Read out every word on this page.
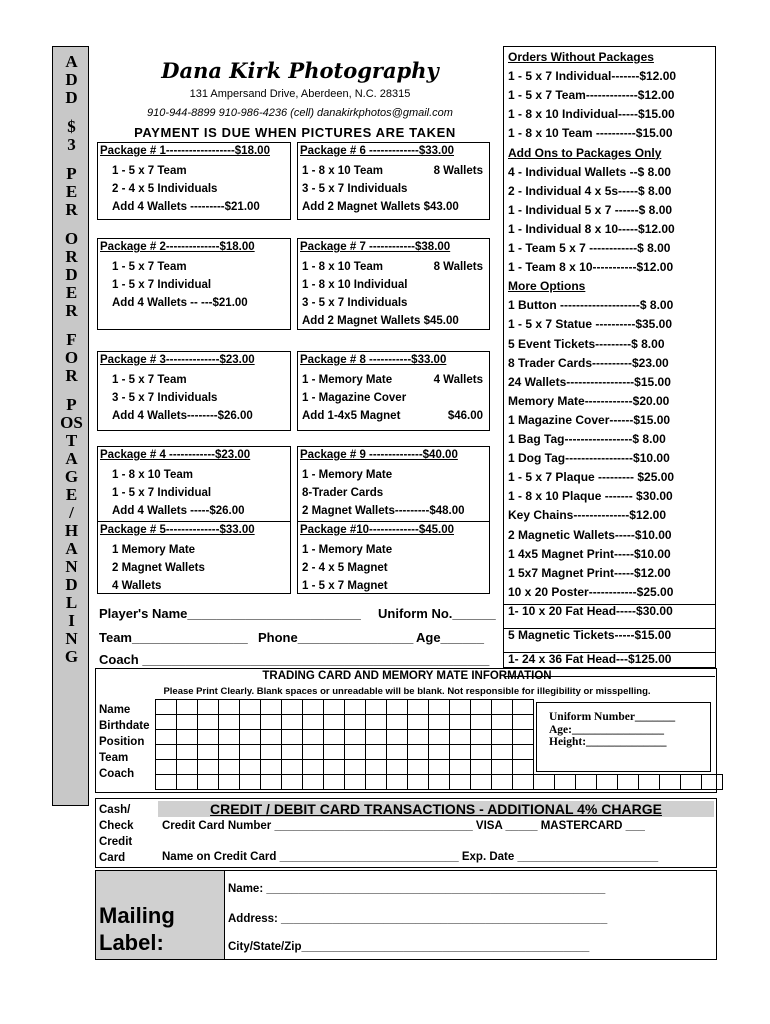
A
D
D
$
3
P
E
R
O
R
D
E
R
F
O
R
P
OS
T
A
G
E
/
H
A
N
D
L
I
N
G
Dana Kirk Photography
131 Ampersand Drive, Aberdeen, N.C. 28315
910-944-8899 910-986-4236 (cell) danakirkphotos@gmail.com
PAYMENT IS DUE WHEN PICTURES ARE TAKEN
Package # 1------------------$18.00
1 - 5 x 7 Team
2 - 4 x 5 Individuals
Add 4 Wallets ---------$21.00
Package # 6 -------------$33.00
1 - 8 x 10 Team
3 - 5 x 7 Individuals
Add 2 Magnet Wallets $43.00
8 Wallets
Package # 2--------------$18.00
1 - 5 x 7 Team
1 - 5 x 7 Individual
Add 4 Wallets -- ---$21.00
Package # 7 ------------$38.00
1 - 8 x 10 Team
1 - 8 x 10 Individual
3 - 5 x 7 Individuals
Add 2 Magnet Wallets $45.00
8 Wallets
Package # 3--------------$23.00
1 - 5 x 7 Team
3 - 5 x 7 Individuals
Add 4 Wallets--------$26.00
Package # 8 -----------$33.00
1 - Memory Mate
1 - Magazine Cover
Add 1-4x5 Magnet
4 Wallets
$46.00
Package # 4 ------------$23.00
1 - 8 x 10 Team
1 - 5 x 7 Individual
Add 4 Wallets -----$26.00
Package # 9 --------------$40.00
1 - Memory Mate
8-Trader Cards
2 Magnet Wallets---------$48.00
Package # 5--------------$33.00
1 Memory Mate
2 Magnet Wallets
4 Wallets
Package #10-------------$45.00
1 - Memory Mate
2 - 4 x 5 Magnet
1 - 5 x 7 Magnet
Orders Without Packages
1 - 5 x 7 Individual-------$12.00
1 - 5 x 7 Team-------------$12.00
1 - 8 x 10 Individual-----$15.00
1 - 8 x 10 Team ----------$15.00
Add Ons to Packages Only
4 - Individual Wallets --$ 8.00
2 - Individual 4 x 5s-----$ 8.00
1 - Individual 5 x 7 ------$ 8.00
1 - Individual 8 x 10-----$12.00
1 - Team 5 x 7 ------------$ 8.00
1 - Team 8 x 10-----------$12.00
More Options
1 Button --------------------$ 8.00
1 - 5 x 7 Statue ----------$35.00
5 Event Tickets---------$ 8.00
8 Trader Cards----------$23.00
24 Wallets-----------------$15.00
Memory Mate------------$20.00
1 Magazine Cover------$15.00
1 Bag Tag-----------------$ 8.00
1 Dog Tag-----------------$10.00
1 - 5 x 7 Plaque --------- $25.00
1 - 8 x 10 Plaque ------- $30.00
Key Chains--------------$12.00
2 Magnetic Wallets-----$10.00
1 4x5 Magnet Print-----$10.00
1 5x7 Magnet Print-----$12.00
10 x 20 Poster------------$25.00
1- 10 x 20 Fat Head-----$30.00
5 Magnetic Tickets-----$15.00
1- 24 x 36 Fat Head---$125.00
Player's Name________________________ Uniform No.______
Team________________ Phone________________ Age______
Coach ________________________________________________
TRADING CARD AND MEMORY MATE INFORMATION
Please Print Clearly. Blank spaces or unreadable will be blank. Not responsible for illegibility or misspelling.
Name
Birthdate
Position
Team
Coach

Uniform Number_______
Age:________________
Height:______________
Cash/
Check
Credit
Card
CREDIT / DEBIT CARD TRANSACTIONS - ADDITIONAL 4% CHARGE
Credit Card Number _______________________________ VISA _____ MASTERCARD ___
Name on Credit Card ____________________________ Exp. Date ______________________
Mailing
Label:
Name: _____________________________________________________
Address: ___________________________________________________
City/State/Zip_____________________________________________
